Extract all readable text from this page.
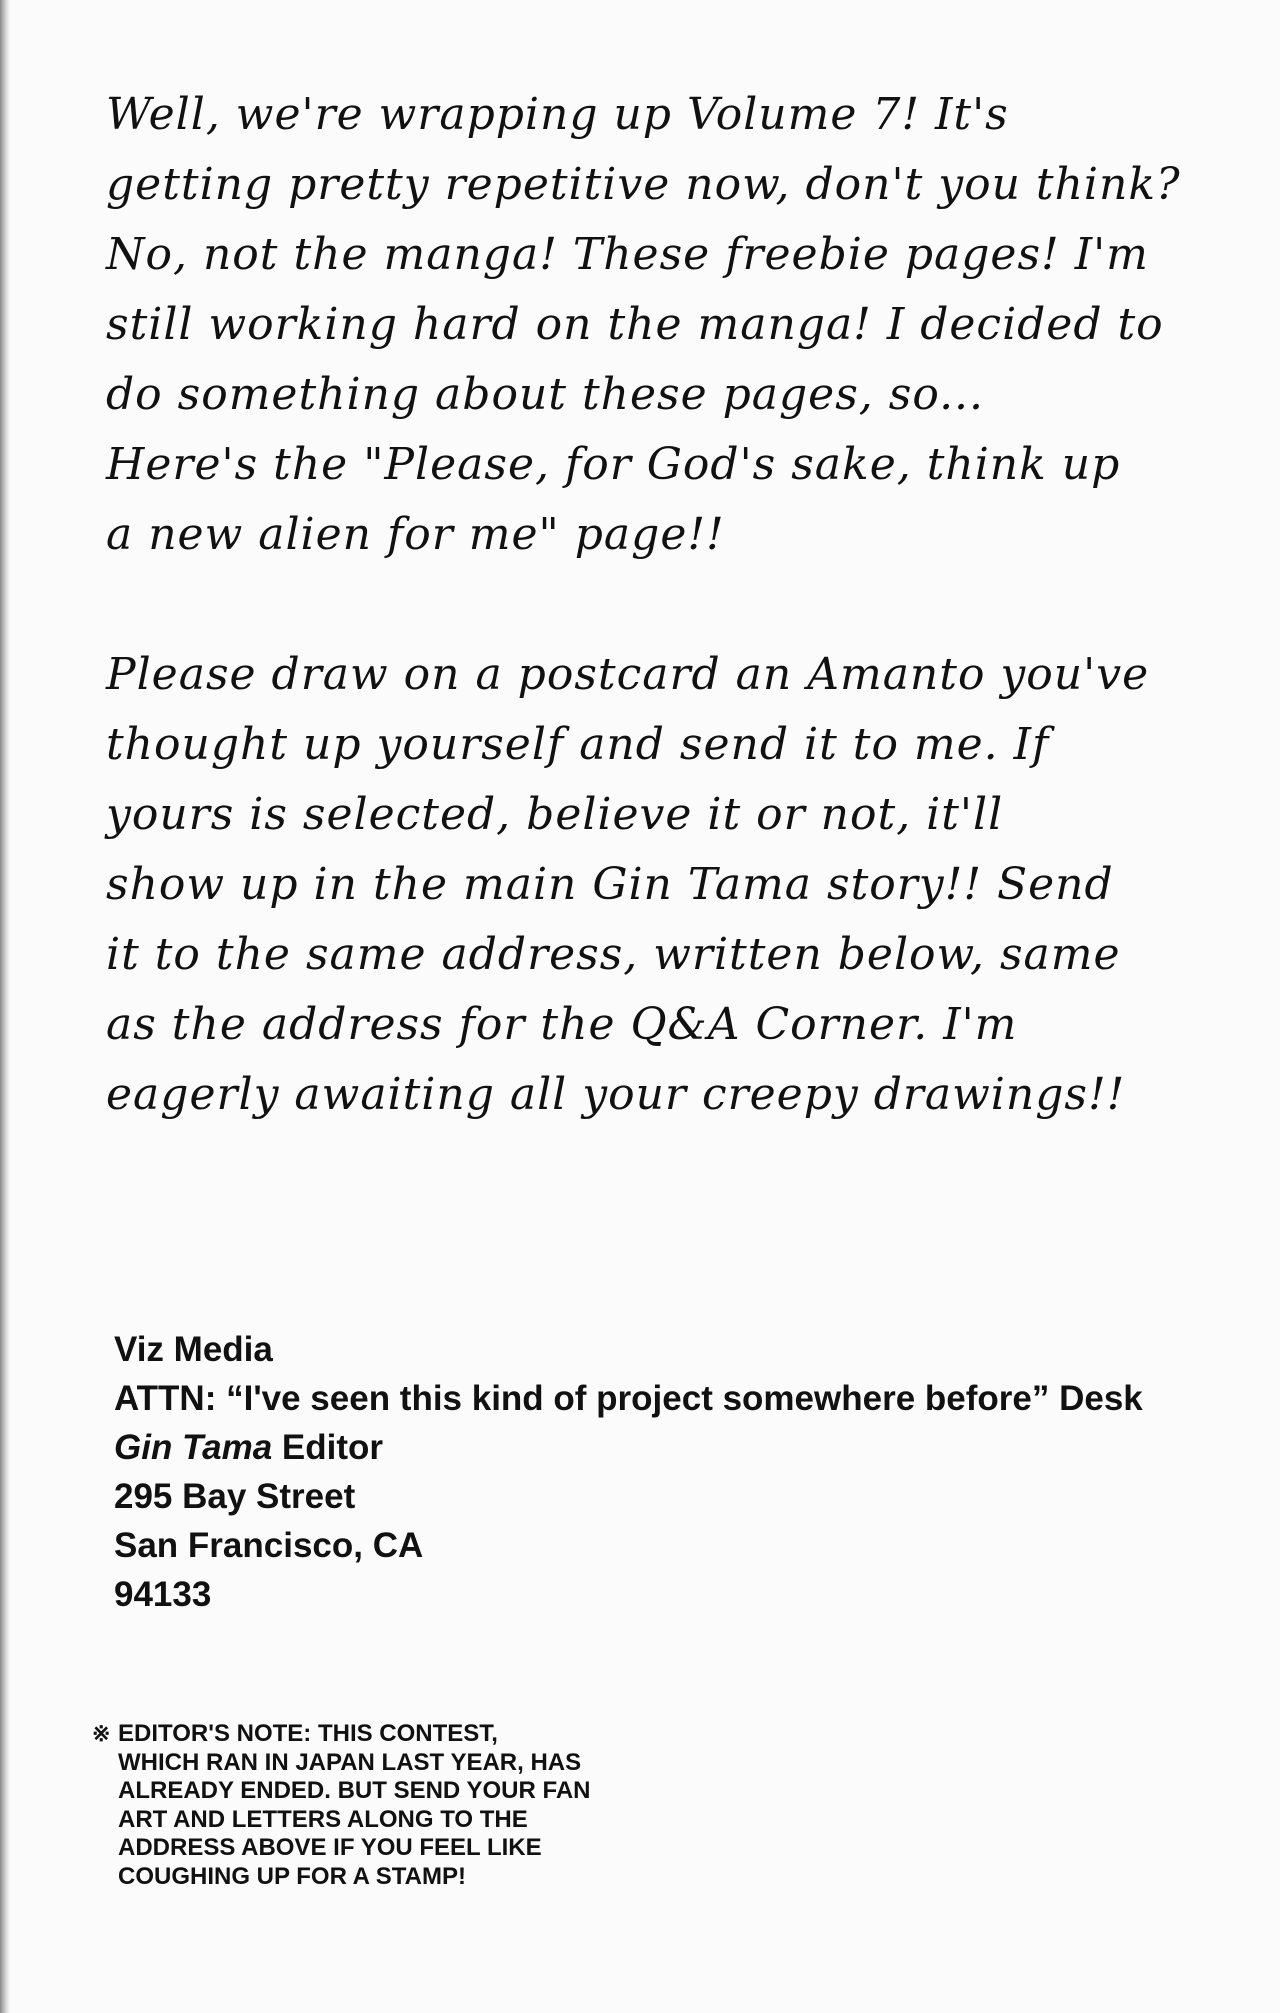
Well, we're wrapping up Volume 7! It's
getting pretty repetitive now, don't you think?
No, not the manga! These freebie pages! I'm
still working hard on the manga! I decided to
do something about these pages, so...
Here's the "Please, for God's sake, think up
a new alien for me" page!!
Please draw on a postcard an Amanto you've
thought up yourself and send it to me. If
yours is selected, believe it or not, it'll
show up in the main Gin Tama story!! Send
it to the same address, written below, same
as the address for the Q&A Corner. I'm
eagerly awaiting all your creepy drawings!!
Viz Media
ATTN: “I've seen this kind of project somewhere before” Desk
Gin Tama Editor
295 Bay Street
San Francisco, CA
94133
※ EDITOR'S NOTE: THIS CONTEST,
WHICH RAN IN JAPAN LAST YEAR, HAS
ALREADY ENDED. BUT SEND YOUR FAN
ART AND LETTERS ALONG TO THE
ADDRESS ABOVE IF YOU FEEL LIKE
COUGHING UP FOR A STAMP!
